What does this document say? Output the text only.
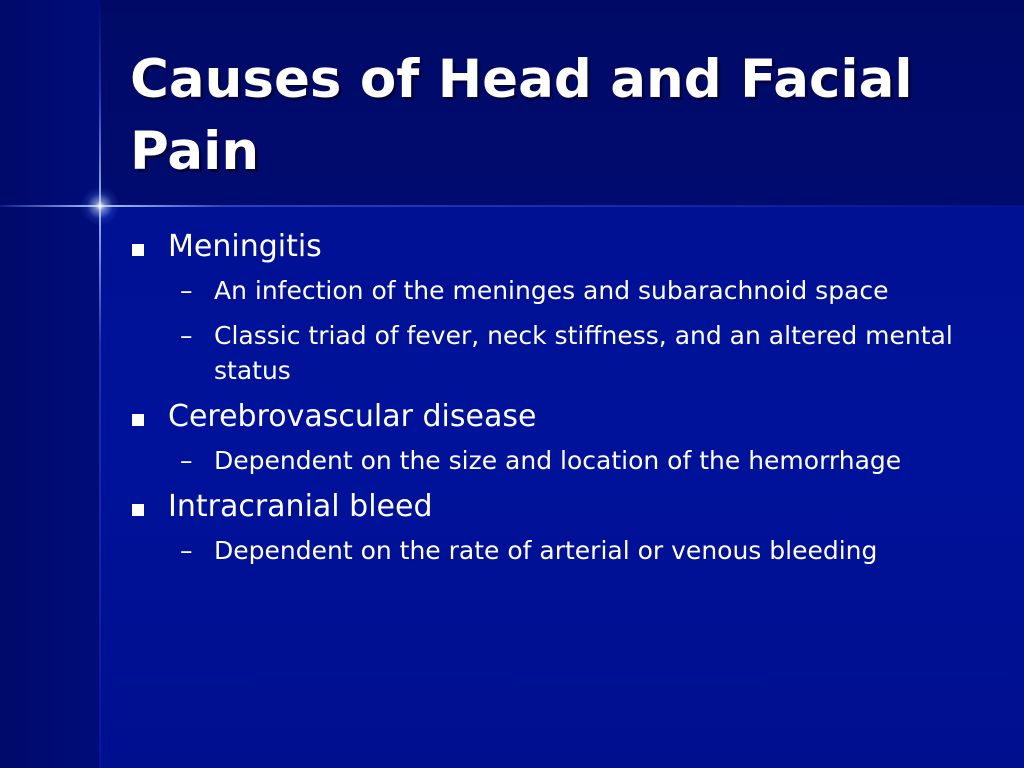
Causes of Head and Facial Pain
Meningitis
– An infection of the meninges and subarachnoid space
– Classic triad of fever, neck stiffness, and an altered mental status
Cerebrovascular disease
– Dependent on the size and location of the hemorrhage
Intracranial bleed
– Dependent on the rate of arterial or venous bleeding
